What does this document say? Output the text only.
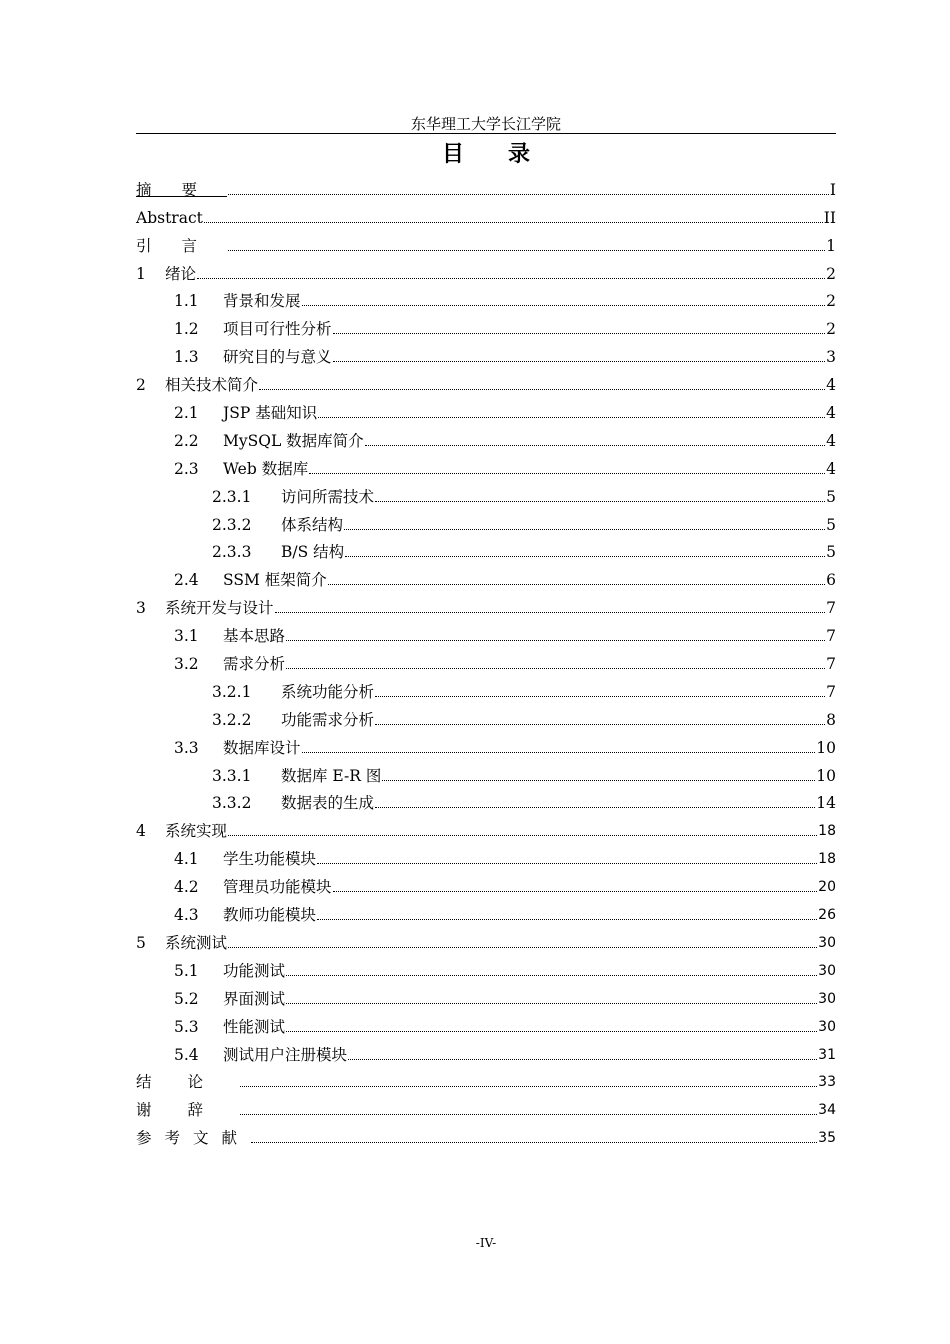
东华理工大学长江学院
目录
摘要	I
Abstract	II
引言	1
1	绪论	2
1.1	背景和发展	2
1.2	项目可行性分析	2
1.3	研究目的与意义	3
2	相关技术简介	4
2.1	JSP 基础知识	4
2.2	MySQL 数据库简介	4
2.3	Web 数据库	4
2.3.1	访问所需技术	5
2.3.2	体系结构	5
2.3.3	B/S 结构	5
2.4	SSM 框架简介	6
3	系统开发与设计	7
3.1	基本思路	7
3.2	需求分析	7
3.2.1	系统功能分析	7
3.2.2	功能需求分析	8
3.3	数据库设计	10
3.3.1	数据库 E-R 图	10
3.3.2	数据表的生成	14
4	系统实现	18
4.1	学生功能模块	18
4.2	管理员功能模块	20
4.3	教师功能模块	26
5	系统测试	30
5.1	功能测试	30
5.2	界面测试	30
5.3	性能测试	30
5.4	测试用户注册模块	31
结论	33
谢辞	34
参考文献	35
-IV-
